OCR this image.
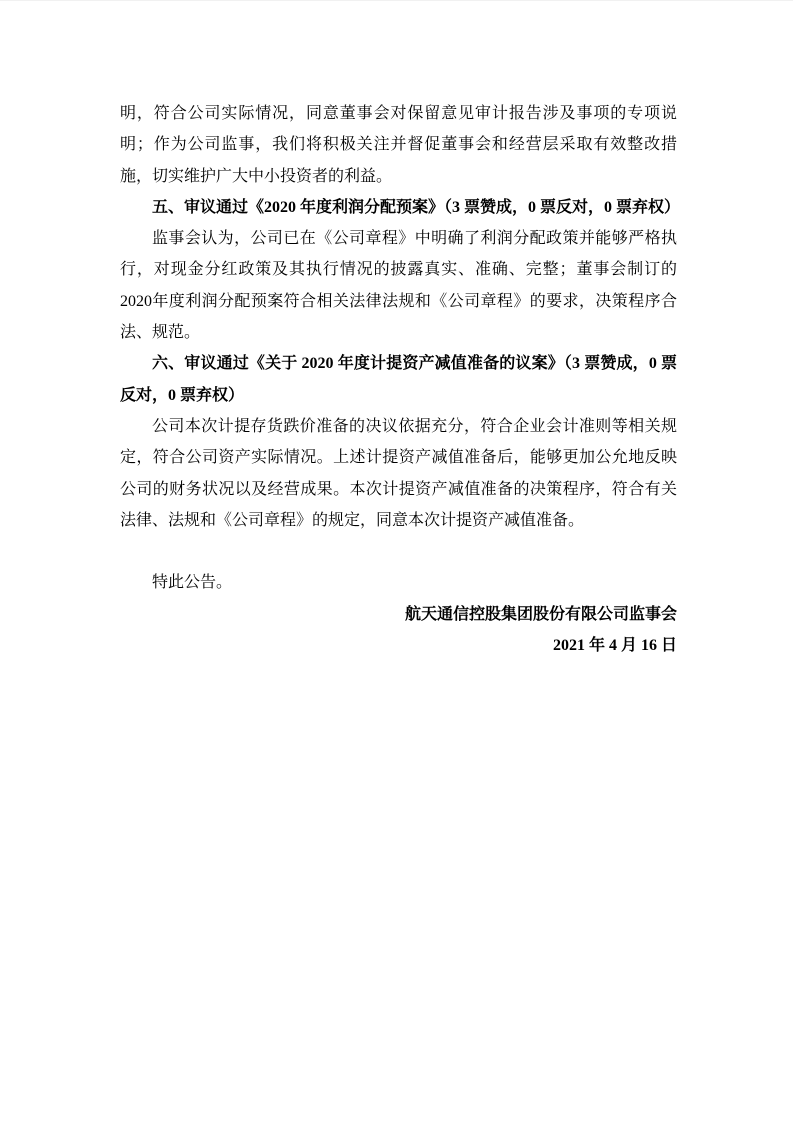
明，符合公司实际情况，同意董事会对保留意见审计报告涉及事项的专项说明；作为公司监事，我们将积极关注并督促董事会和经营层采取有效整改措施，切实维护广大中小投资者的利益。

五、审议通过《2020 年度利润分配预案》（3 票赞成，0 票反对，0 票弃权）

监事会认为，公司已在《公司章程》中明确了利润分配政策并能够严格执行，对现金分红政策及其执行情况的披露真实、准确、完整；董事会制订的2020年度利润分配预案符合相关法律法规和《公司章程》的要求，决策程序合法、规范。

六、审议通过《关于 2020 年度计提资产减值准备的议案》（3 票赞成，0 票反对，0 票弃权）

公司本次计提存货跌价准备的决议依据充分，符合企业会计准则等相关规定，符合公司资产实际情况。上述计提资产减值准备后，能够更加公允地反映公司的财务状况以及经营成果。本次计提资产减值准备的决策程序，符合有关法律、法规和《公司章程》的规定，同意本次计提资产减值准备。

特此公告。

航天通信控股集团股份有限公司监事会

2021 年 4 月 16 日
